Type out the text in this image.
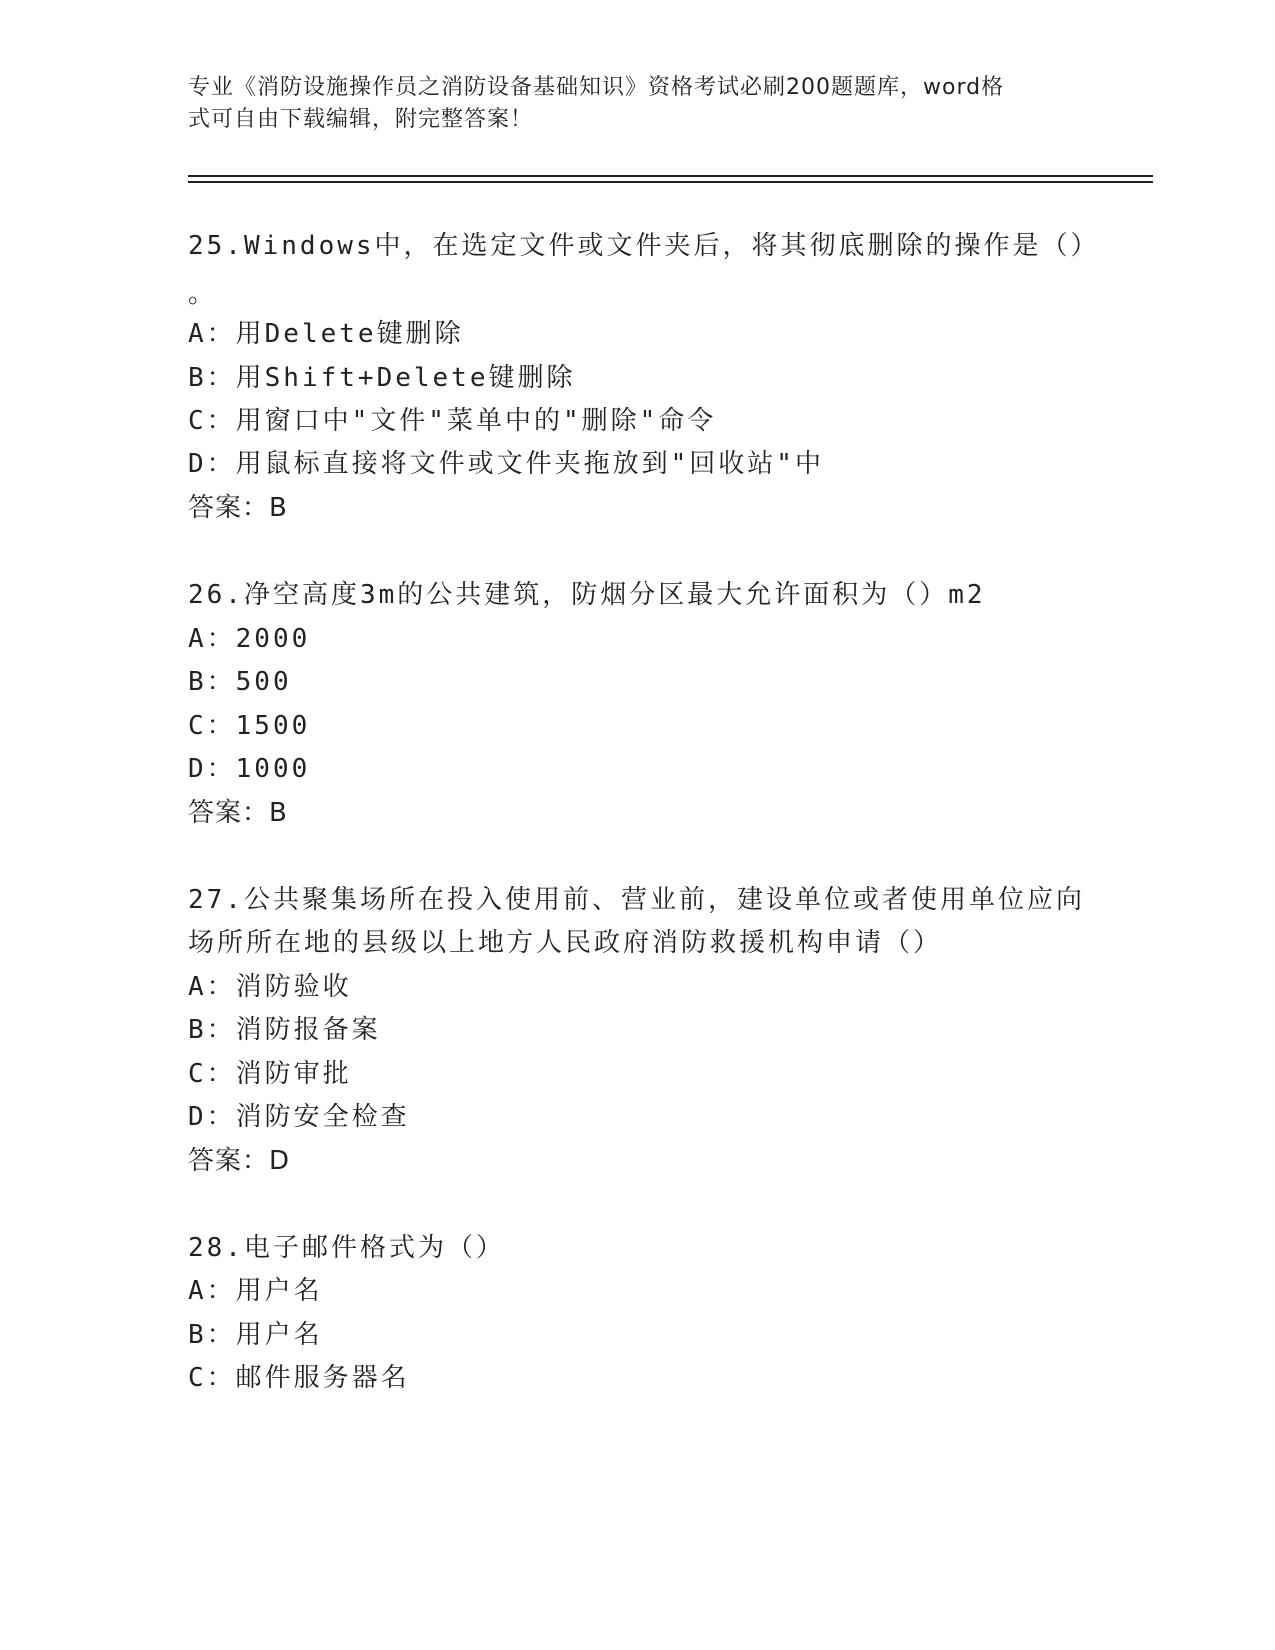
专业《消防设施操作员之消防设备基础知识》资格考试必刷200题题库，word格
式可自由下载编辑，附完整答案！
25.Windows中，在选定文件或文件夹后，将其彻底删除的操作是（）
。
A：用Delete键删除
B：用Shift+Delete键删除
C：用窗口中"文件"菜单中的"删除"命令
D：用鼠标直接将文件或文件夹拖放到"回收站"中
答案：B
26.净空高度3m的公共建筑，防烟分区最大允许面积为（）m2
A：2000
B：500
C：1500
D：1000
答案：B
27.公共聚集场所在投入使用前、营业前，建设单位或者使用单位应向
场所所在地的县级以上地方人民政府消防救援机构申请（）
A：消防验收
B：消防报备案
C：消防审批
D：消防安全检查
答案：D
28.电子邮件格式为（）
A：用户名
B：用户名
C：邮件服务器名
